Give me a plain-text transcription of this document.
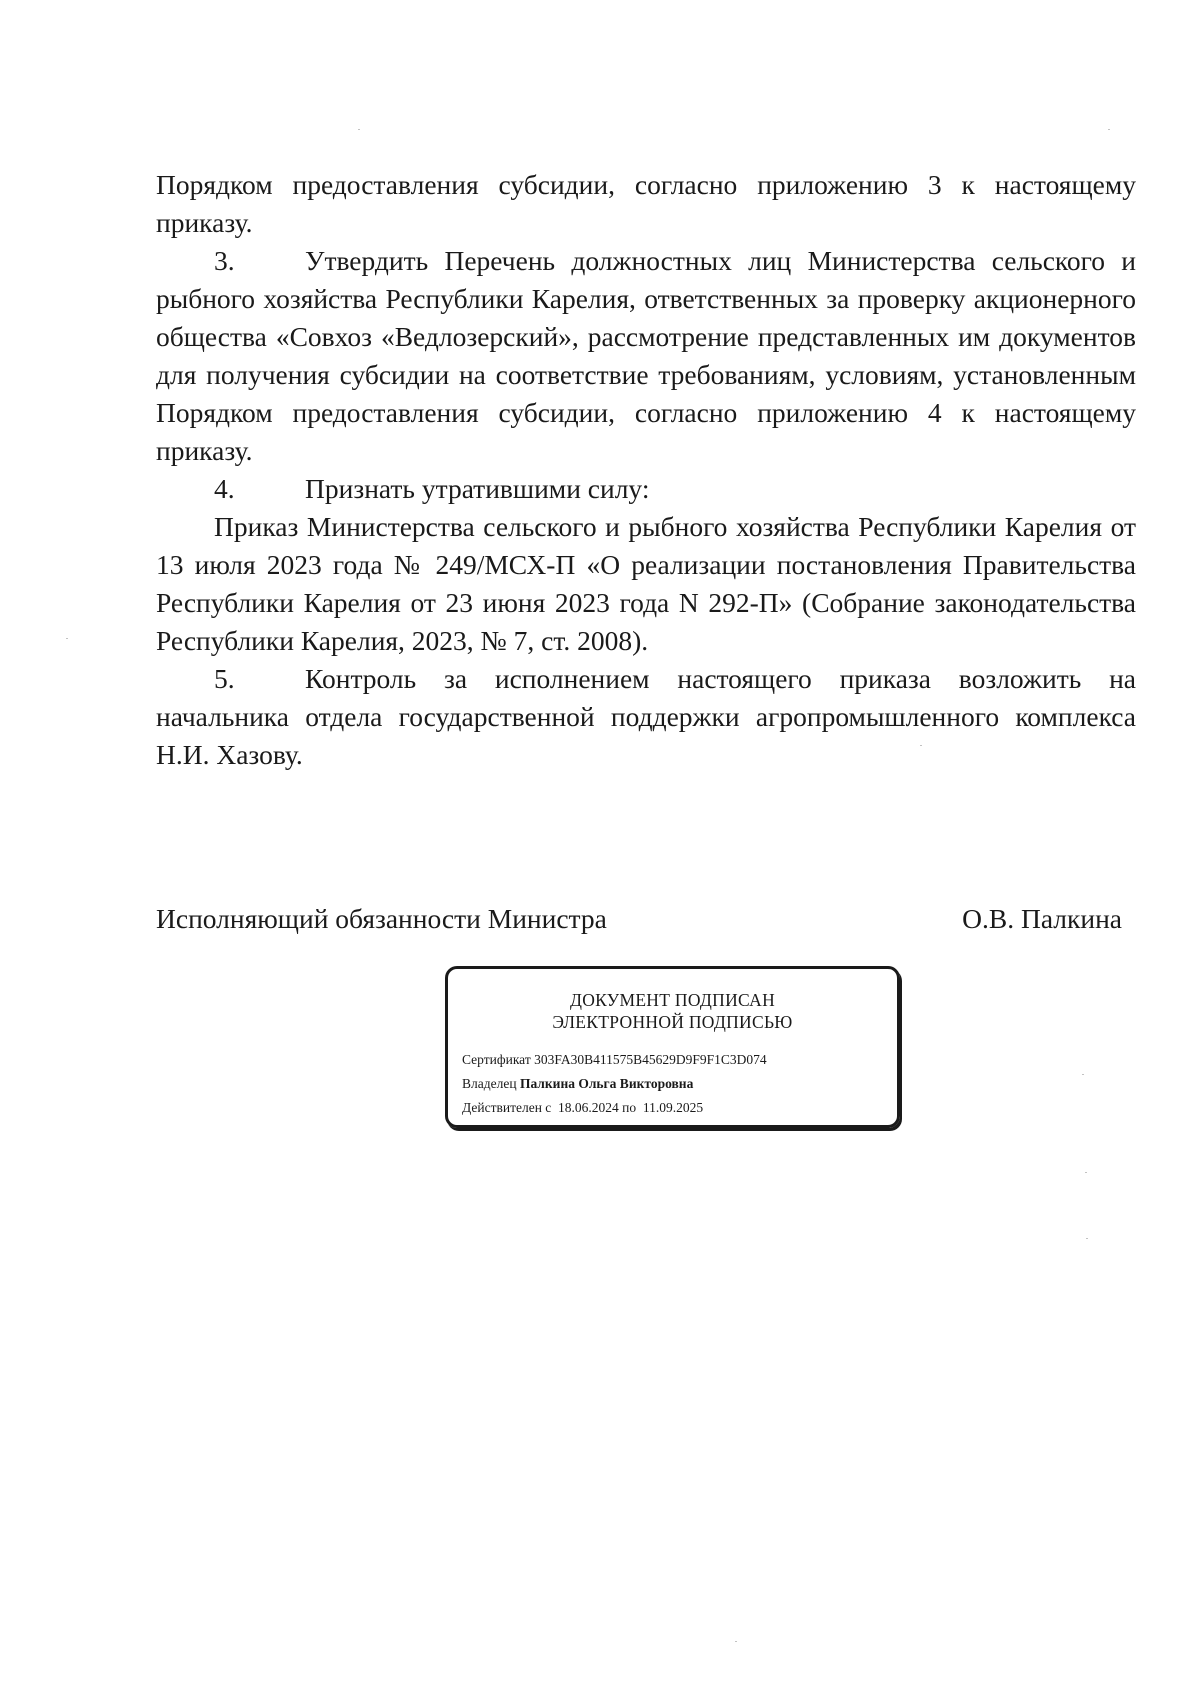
Порядком предоставления субсидии, согласно приложению 3 к настоящему приказу.

3.	Утвердить Перечень должностных лиц Министерства сельского и рыбного хозяйства Республики Карелия, ответственных за проверку акционерного общества «Совхоз «Ведлозерский», рассмотрение представленных им документов для получения субсидии на соответствие требованиям, условиям, установленным Порядком предоставления субсидии, согласно приложению 4 к настоящему приказу.

4.	Признать утратившими силу:

Приказ Министерства сельского и рыбного хозяйства Республики Карелия от 13 июля 2023 года № 249/МСХ-П «О реализации постановления Правительства Республики Карелия от 23 июня 2023 года N 292-П» (Собрание законодательства Республики Карелия, 2023, № 7, ст. 2008).

5.	Контроль за исполнением настоящего приказа возложить на начальника отдела государственной поддержки агропромышленного комплекса Н.И. Хазову.

Исполняющий обязанности Министра	О.В. Палкина
ДОКУМЕНТ ПОДПИСАН
ЭЛЕКТРОННОЙ ПОДПИСЬЮ
Сертификат 303FA30B411575B45629D9F9F1C3D074
Владелец Палкина Ольга Викторовна
Действителен с 18.06.2024 по 11.09.2025
